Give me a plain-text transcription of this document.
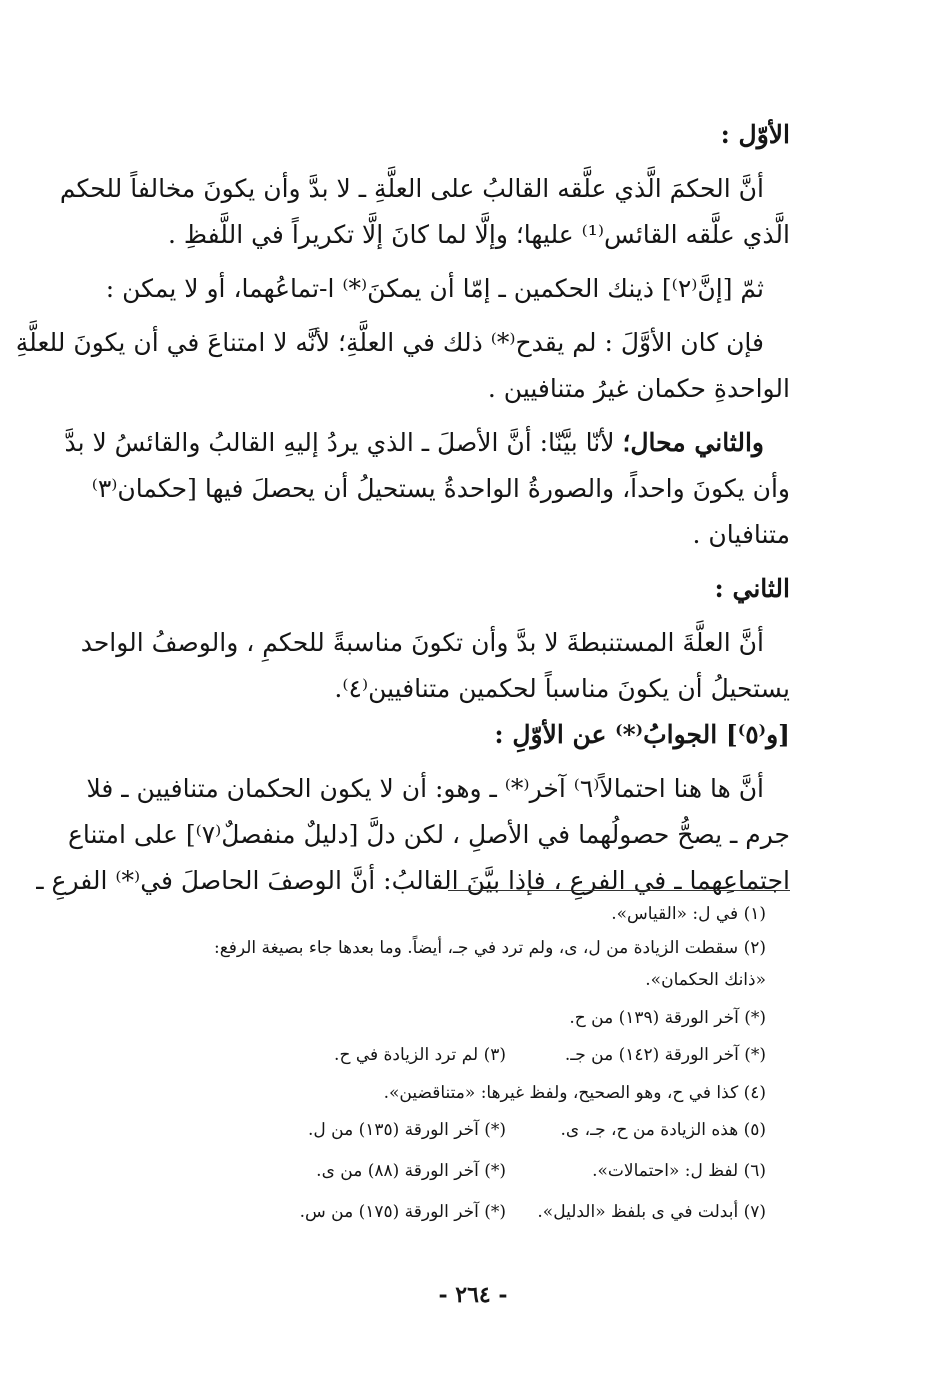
الأوّل :
أنَّ الحكمَ الَّذي علَّقه القالبُ على العلَّةِ ـ لا بدَّ وأن يكونَ مخالفاً للحكم
الَّذي علَّقه القائس⁽¹⁾ عليها؛ وإلَّا لما كانَ إلَّا تكريراً في اللَّفظِ .
ثمّ [إنَّ⁽٢⁾] ذينك الحكمين ـ إمّا أن يمكنَ⁽*⁾ ا-تماعُهما، أو لا يمكن :
فإن كان الأوَّلَ : لم يقدح⁽*⁾ ذلك في العلَّةِ؛ لأنَّه لا امتناعَ في أن يكونَ للعلَّةِ
الواحدةِ حكمان غيرُ متنافيين .
والثاني محال؛ لأنّا بيَّنّا: أنَّ الأصلَ ـ الذي يردُ إليهِ القالبُ والقائسُ لا بدَّ
وأن يكونَ واحداً، والصورةُ الواحدةُ يستحيلُ أن يحصلَ فيها [حكمان⁽٣⁾
متنافيان .
الثاني :
أنَّ العلَّةَ المستنبطةَ لا بدَّ وأن تكونَ مناسبةً للحكمِ ، والوصفُ الواحد
يستحيلُ أن يكونَ مناسباً لحكمين متنافيين⁽٤⁾.
[و⁽٥⁾] الجوابُ⁽*⁾ عن الأوّلِ :
أنَّ ها هنا احتمالاً⁽٦⁾ آخر⁽*⁾ ـ وهو: أن لا يكون الحكمان متنافيين ـ فلا
جرم ـ يصحُّ حصولُهما في الأصلِ ، لكن دلَّ [دليلٌ منفصلٌ⁽٧⁾] على امتناع
اجتماعِهما ـ في الفرعِ ، فإذا بيَّنَ القالبُ: أنَّ الوصفَ الحاصلَ في⁽*⁾ الفرعِ ـ
(١) في ل: «القياس».
(٢) سقطت الزيادة من ل، ى، ولم ترد في جـ، أيضاً. وما بعدها جاء بصيغة الرفع:
«ذانك الحكمان».
(*) آخر الورقة (١٣٩) من ح.
(*) آخر الورقة (١٤٢) من جـ.
(٣) لم ترد الزيادة في ح.
(٤) كذا في ح، وهو الصحيح، ولفظ غيرها: «متناقضين».
(٥) هذه الزيادة من ح، جـ، ى.
(*) آخر الورقة (١٣٥) من ل.
(٦) لفظ ل: «احتمالات».
(*) آخر الورقة (٨٨) من ى.
(٧) أبدلت في ى بلفظ «الدليل».
(*) آخر الورقة (١٧٥) من س.
- ٢٦٤ -
